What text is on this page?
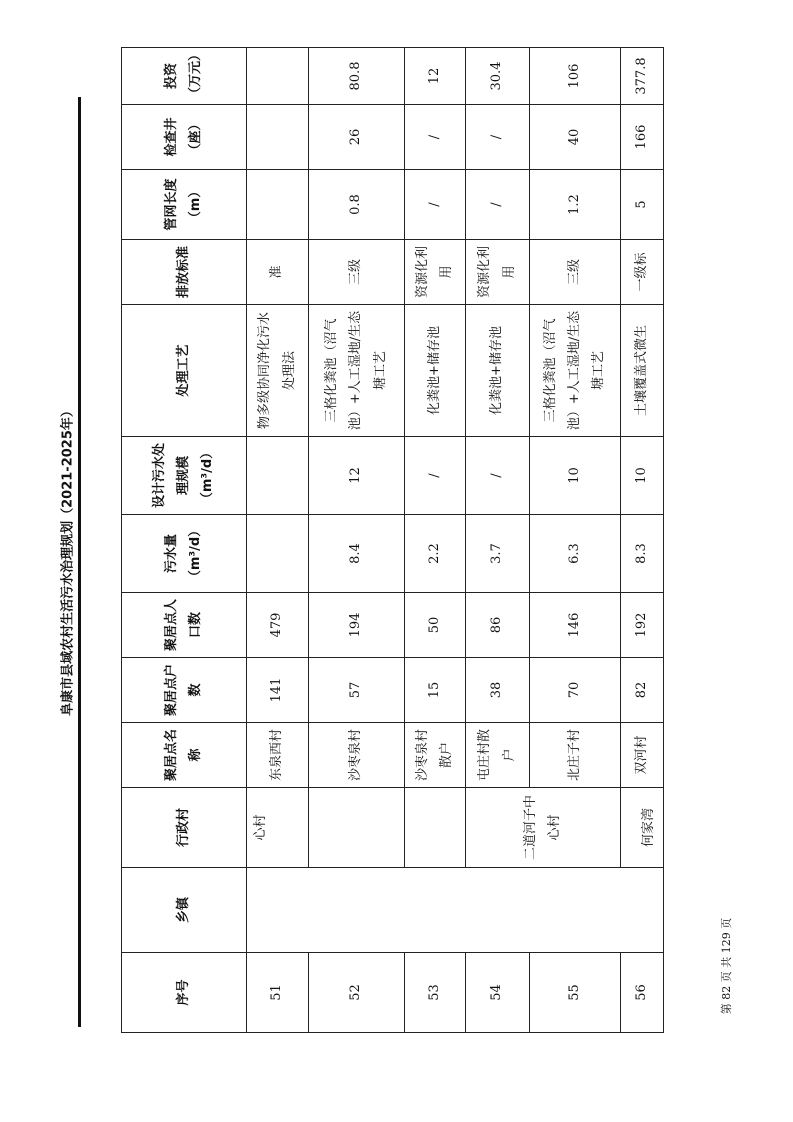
阜康市县域农村生活污水治理规划（2021-2025年）
序号	乡镇	行政村	聚居点名称	聚居点户数	聚居点人口数	污水量 （m³/d）	设计污水处理规模 （m³/d）	处理工艺	排放标准	管网长度 （m）	检查井 （座）	投资（万元）
51		心村	东泉西村	141	479			物多级协同净化污水处理法	准			
52			沙枣泉村	57	194	8.4	12	三格化粪池（沼气池）+人工湿地/生态塘工艺	三级	0.8	26	80.8
53			沙枣泉村散户	15	50	2.2	/	化粪池+储存池	资源化利用	/	/	12
54		二道河子中心村	屯庄村散户	38	86	3.7	/	化粪池+储存池	资源化利用	/	/	30.4
55			北庄子村	70	146	6.3	10	三格化粪池（沼气池）+人工湿地/生态塘工艺	三级	1.2	40	106
56		何家湾	双河村	82	192	8.3	10	土壤覆盖式微生	一级标	5	166	377.8
第 82 页 共 129 页
